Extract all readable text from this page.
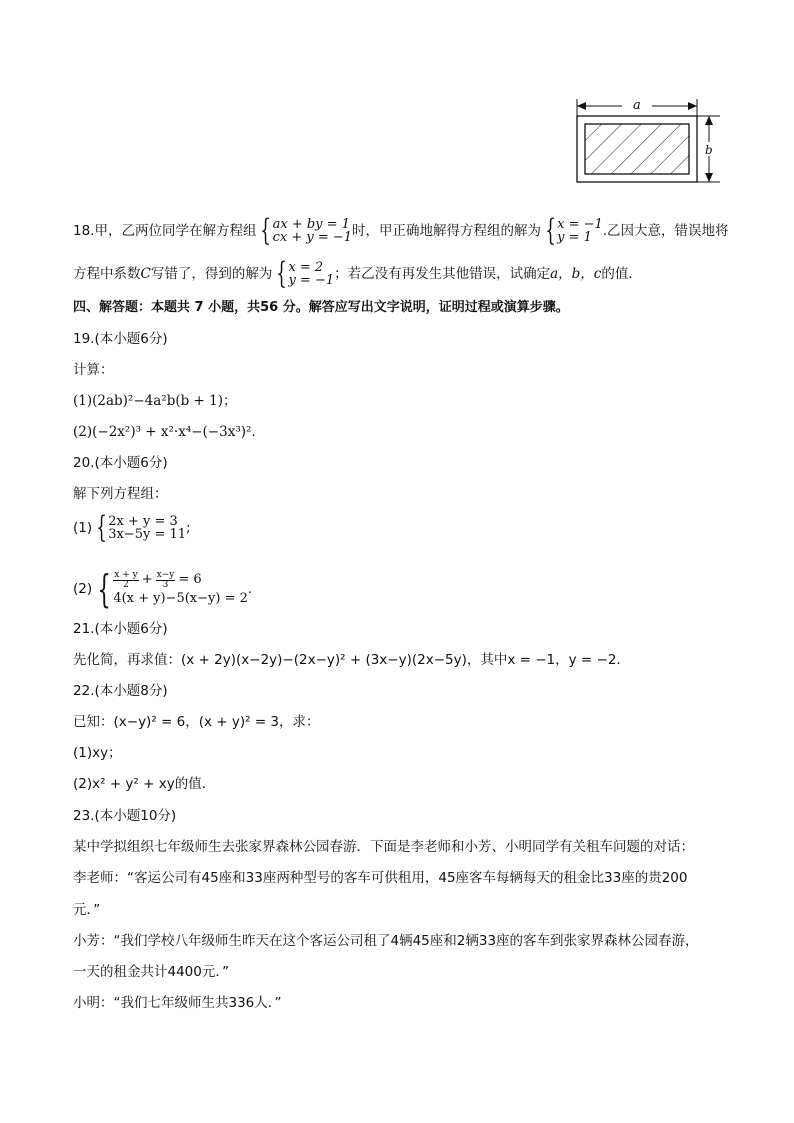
a
b
18.甲，乙两位同学在解方程组 { ax + by = 1
cx + y = −1 时，甲正确地解得方程组的解为 { x = −1
y = 1 .乙因大意，错误地将
方程中系数C写错了，得到的解为 { x = 2
y = −1 ；若乙没有再发生其他错误，试确定a，b，c的值．
四、解答题：本题共 7 小题，共56 分。解答应写出文字说明，证明过程或演算步骤。
19.(本小题6分)
计算：
(1)(2ab)²−4a²b(b + 1)；
(2)(−2x²)³ + x²·x⁴−(−3x³)².
20.(本小题6分)
解下列方程组：
(1) { 2x + y = 3
3x−5y = 11 ;
(2) { $\frac{x + y}{2} + \frac{x-y}{3} = 6$
4(x + y)−5(x−y) = 2
.
21.(本小题6分)
先化简，再求值：(x + 2y)(x−2y)−(2x−y)² + (3x−y)(2x−5y)，其中x = −1，y = −2.
22.(本小题8分)
已知：(x−y)² = 6，(x + y)² = 3，求：
(1)xy；
(2)x² + y² + xy的值．
23.(本小题10分)
某中学拟组织七年级师生去张家界森林公园春游．下面是李老师和小芳、小明同学有关租车问题的对话：
李老师：“客运公司有45座和33座两种型号的客车可供租用，45座客车每辆每天的租金比33座的贵200
元．”
小芳：“我们学校八年级师生昨天在这个客运公司租了4辆45座和2辆33座的客车到张家界森林公园春游，
一天的租金共计4400元．”
小明：“我们七年级师生共336人．”
